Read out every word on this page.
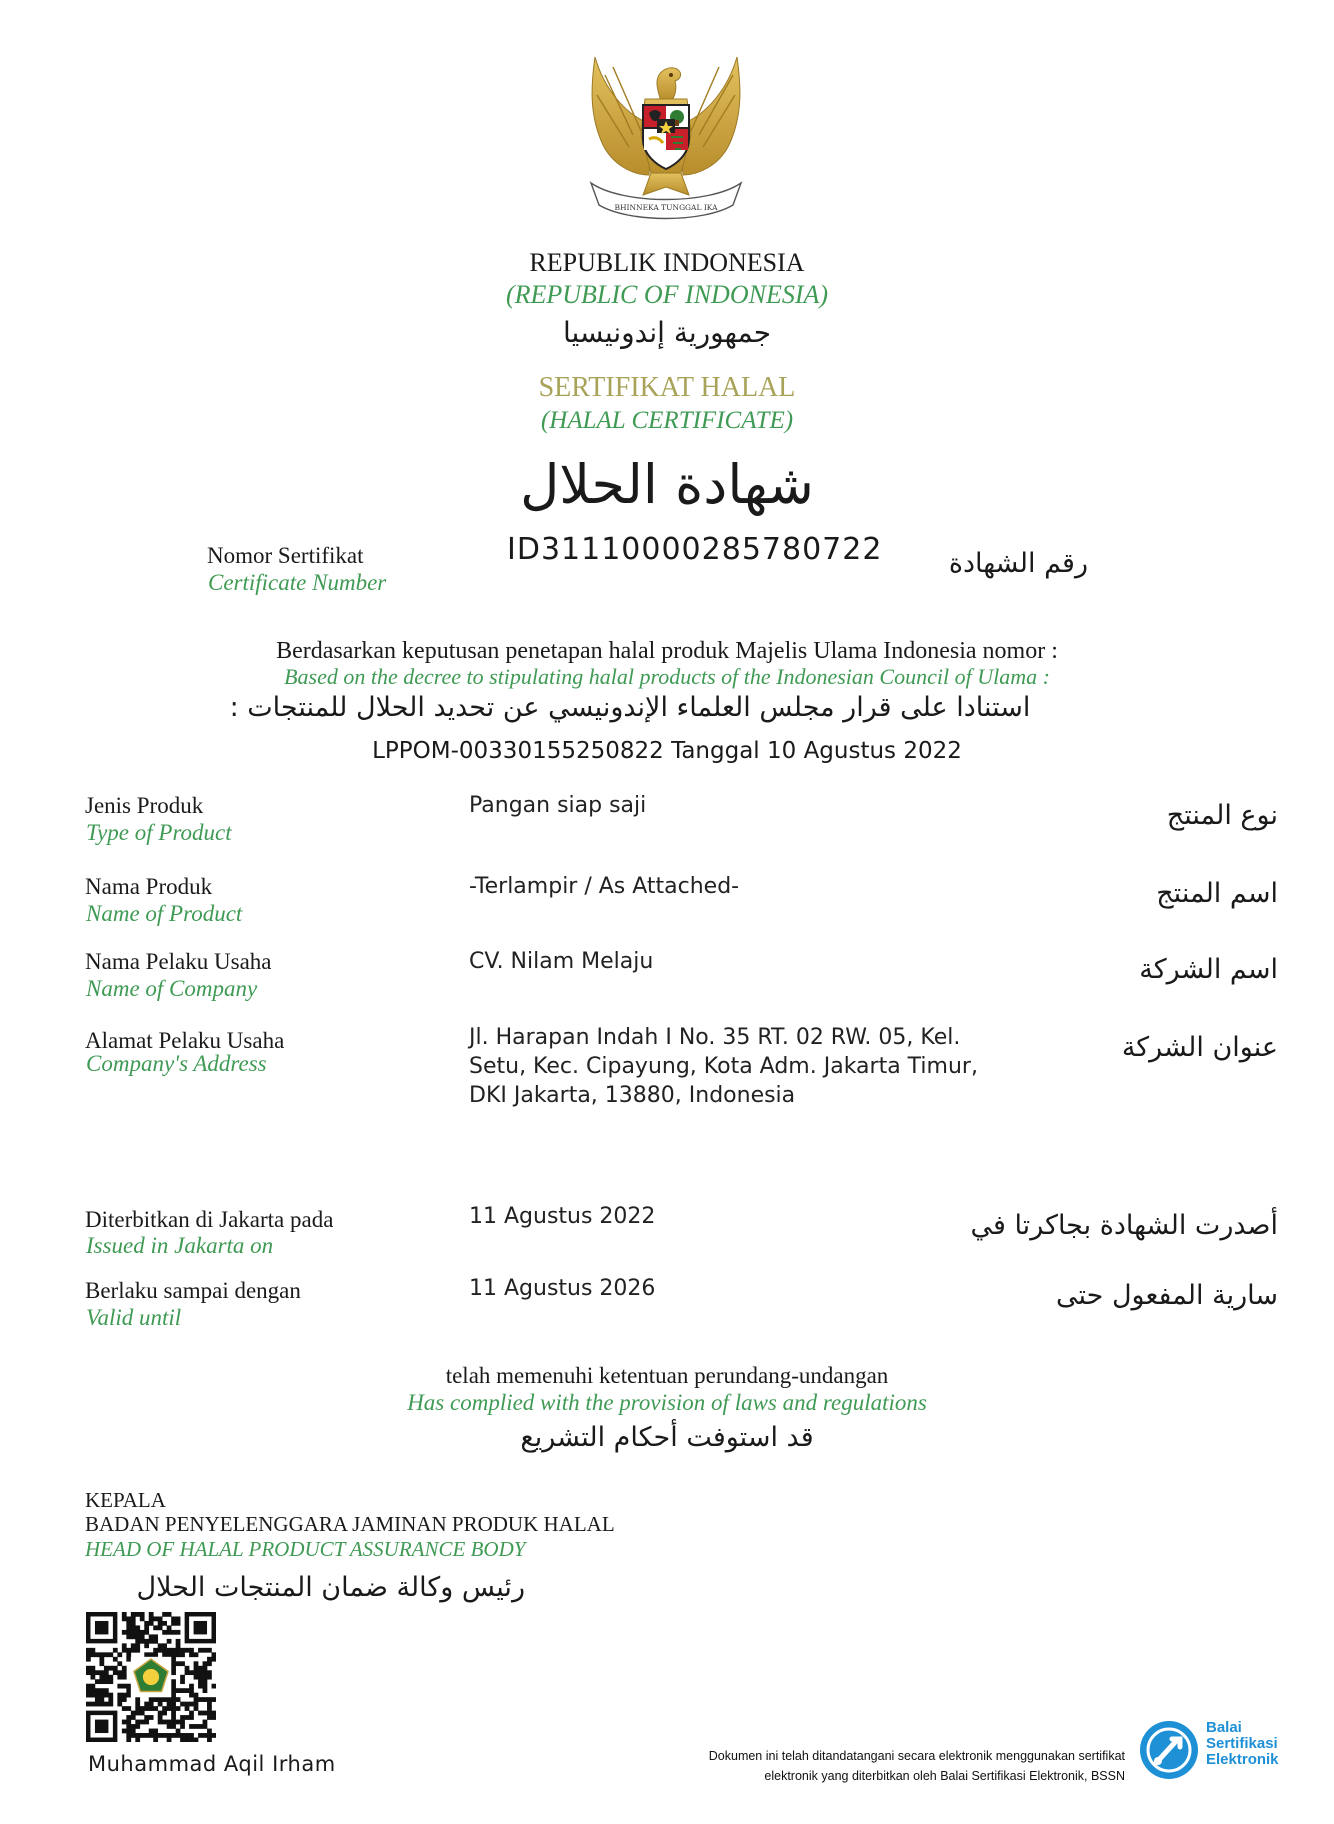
BHINNEKA TUNGGAL IKA
REPUBLIK INDONESIA
(REPUBLIC OF INDONESIA)
جمهورية إندونيسيا
SERTIFIKAT HALAL
(HALAL CERTIFICATE)
شهادة الحلال
Nomor Sertifikat
Certificate Number
ID31110000285780722	رقم الشهادة
Berdasarkan keputusan penetapan halal produk Majelis Ulama Indonesia nomor :
Based on the decree to stipulating halal products of the Indonesian Council of Ulama :
استنادا على قرار مجلس العلماء الإندونيسي عن تحديد الحلال للمنتجات :
LPPOM-00330155250822 Tanggal 10 Agustus 2022
Jenis Produk
Type of Product
Pangan siap saji	نوع المنتج
Nama Produk
Name of Product
-Terlampir / As Attached-	اسم المنتج
Nama Pelaku Usaha
Name of Company
CV. Nilam Melaju	اسم الشركة
Alamat Pelaku Usaha
Company's Address
Jl. Harapan Indah I No. 35 RT. 02 RW. 05, Kel.
Setu, Kec. Cipayung, Kota Adm. Jakarta Timur,
DKI Jakarta, 13880, Indonesia
عنوان الشركة
Diterbitkan di Jakarta pada
Issued in Jakarta on
11 Agustus 2022	أصدرت الشهادة بجاكرتا في
Berlaku sampai dengan
Valid until
11 Agustus 2026	سارية المفعول حتى
telah memenuhi ketentuan perundang-undangan
Has complied with the provision of laws and regulations
قد استوفت أحكام التشريع
KEPALA
BADAN PENYELENGGARA JAMINAN PRODUK HALAL
HEAD OF HALAL PRODUCT ASSURANCE BODY
رئيس وكالة ضمان المنتجات الحلال
Muhammad Aqil Irham	Dokumen ini telah ditandatangani secara elektronik menggunakan sertifikat
elektronik yang diterbitkan oleh Balai Sertifikasi Elektronik, BSSN
Balai
Sertifikasi
Elektronik
